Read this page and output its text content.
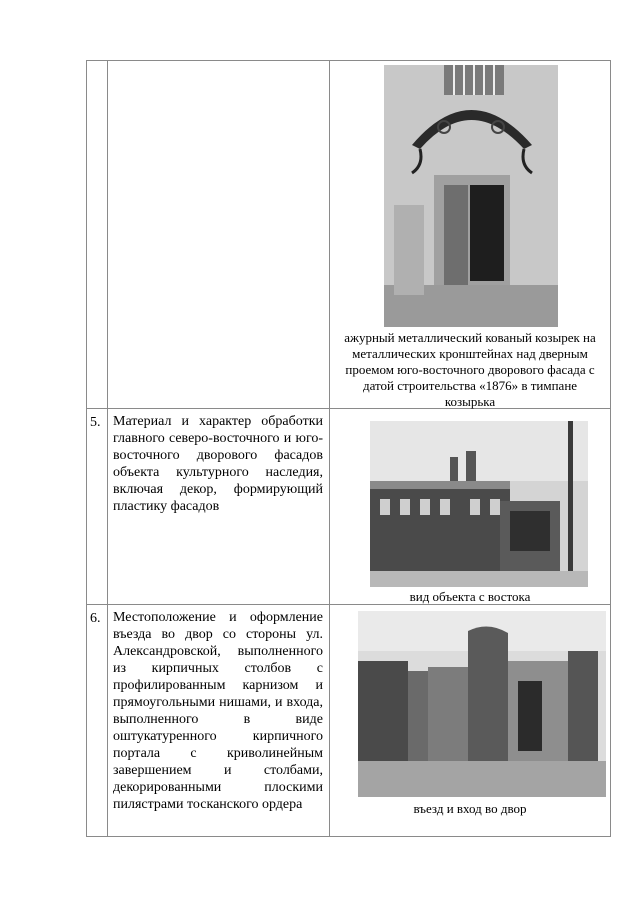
		ажурный металлический кованый козырек на металлических кронштейнах над дверным проемом юго-восточного дворового фасада с датой строительства «1876» в тимпане козырька

5.	Материал и характер обработки главного северо-восточного и юго-восточного дворового фасадов объекта культурного наследия, включая декор, формирующий пластику фасадов	вид объекта с востока

6.	Местоположение и оформление въезда во двор со стороны ул. Александровской, выполненного из кирпичных столбов с профилированным карнизом и прямоугольными нишами, и входа, выполненного в виде оштукатуренного кирпичного портала с криволинейным завершением и столбами, декорированными плоскими пилястрами тосканского ордера	въезд и вход во двор
